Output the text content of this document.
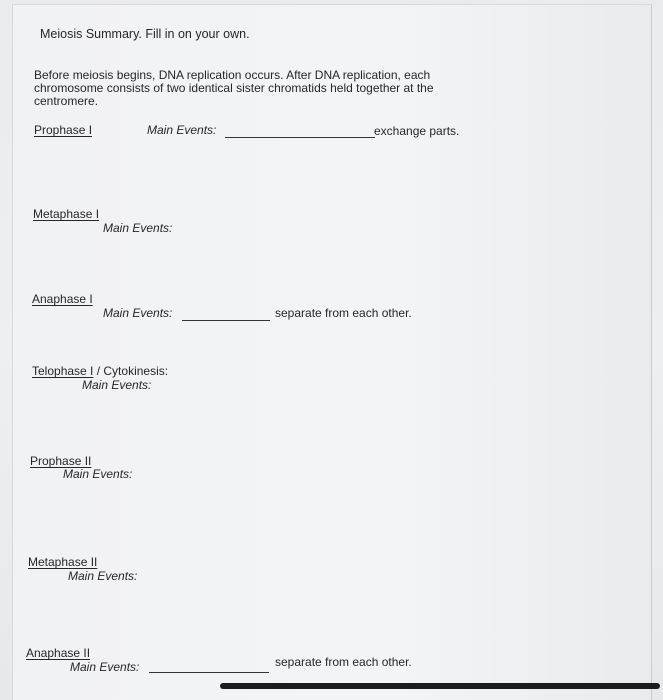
Meiosis Summary. Fill in on your own.
Before meiosis begins, DNA replication occurs. After DNA replication, each
chromosome consists of two identical sister chromatids held together at the
centromere.
Prophase I	Main Events:	exchange parts.
Metaphase I
Main Events:
Anaphase I
Main Events:	separate from each other.
Telophase I / Cytokinesis:
Main Events:
Prophase II
Main Events:
Metaphase II
Main Events:
Anaphase II
Main Events:	separate from each other.
